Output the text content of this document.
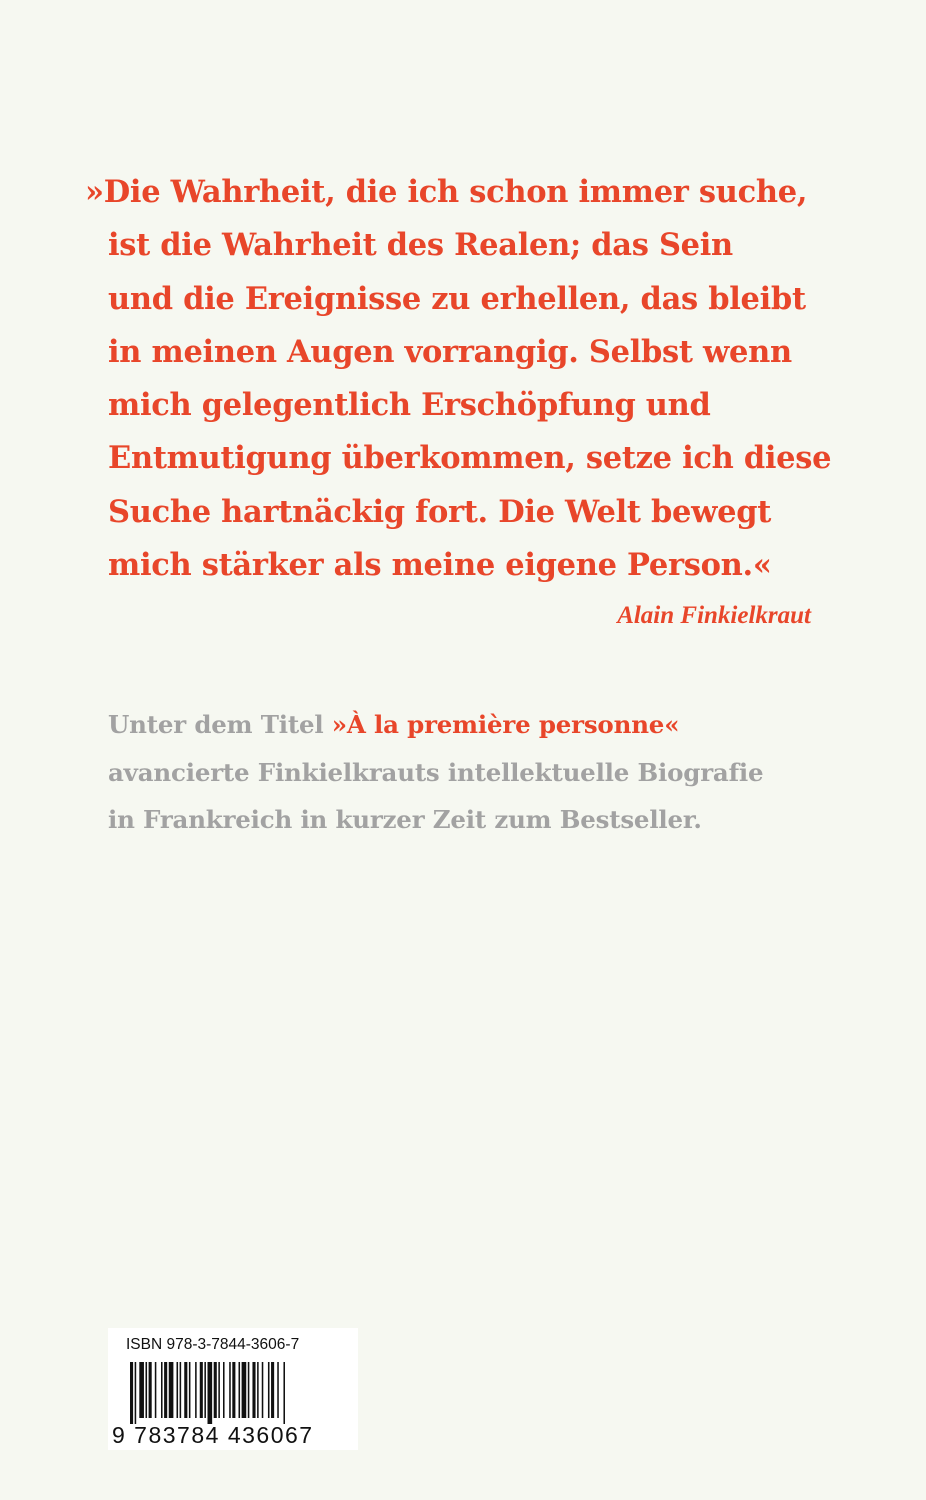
»Die Wahrheit, die ich schon immer suche,
ist die Wahrheit des Realen; das Sein
und die Ereignisse zu erhellen, das bleibt
in meinen Augen vorrangig. Selbst wenn
mich gelegentlich Erschöpfung und
Entmutigung überkommen, setze ich diese
Suche hartnäckig fort. Die Welt bewegt
mich stärker als meine eigene Person.«
Alain Finkielkraut
Unter dem Titel »À la première personne«
avancierte Finkielkrauts intellektuelle Biografie
in Frankreich in kurzer Zeit zum Bestseller.
ISBN 978-3-7844-3606-7
9 783784 436067
